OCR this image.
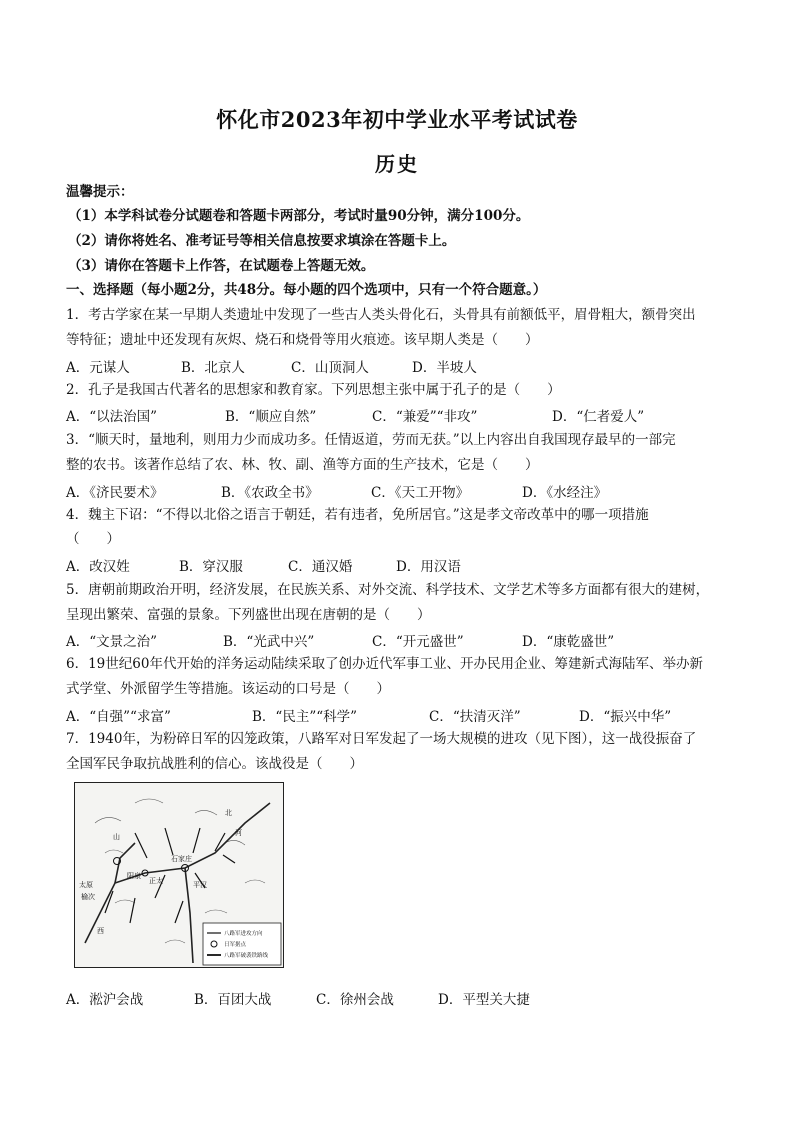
怀化市2023年初中学业水平考试试卷
历史
温馨提示：
（1）本学科试卷分试题卷和答题卡两部分，考试时量90分钟，满分100分。
（2）请你将姓名、准考证号等相关信息按要求填涂在答题卡上。
（3）请你在答题卡上作答，在试题卷上答题无效。
一、选择题（每小题2分，共48分。每小题的四个选项中，只有一个符合题意。）
1．考古学家在某一早期人类遗址中发现了一些古人类头骨化石，头骨具有前额低平，眉骨粗大，额骨突出
等特征；遗址中还发现有灰烬、烧石和烧骨等用火痕迹。该早期人类是（　　）
A．元谋人	B．北京人	C．山顶洞人	D．半坡人
2．孔子是我国古代著名的思想家和教育家。下列思想主张中属于孔子的是（　　）
A．“以法治国”	B．“顺应自然”	C．“兼爱”“非攻”	D．“仁者爱人”
3．“顺天时，量地利，则用力少而成功多。任情返道，劳而无获。”以上内容出自我国现存最早的一部完
整的农书。该著作总结了农、林、牧、副、渔等方面的生产技术，它是（　　）
A．《济民要术》	B．《农政全书》	C．《天工开物》	D．《水经注》
4．魏主下诏：“不得以北俗之语言于朝廷，若有违者，免所居官。”这是孝文帝改革中的哪一项措施
（　　）
A．改汉姓	B．穿汉服	C．通汉婚	D．用汉语
5．唐朝前期政治开明，经济发展，在民族关系、对外交流、科学技术、文学艺术等多方面都有很大的建树，
呈现出繁荣、富强的景象。下列盛世出现在唐朝的是（　　）
A．“文景之治”	B．“光武中兴”	C．“开元盛世”	D．“康乾盛世”
6．19世纪60年代开始的洋务运动陆续采取了创办近代军事工业、开办民用企业、筹建新式海陆军、举办新
式学堂、外派留学生等措施。该运动的口号是（　　）
A．“自强”“求富”	B．“民主”“科学”	C．“扶清灭洋”	D．“振兴中华”
7．1940年，为粉碎日军的囚笼政策，八路军对日军发起了一场大规模的进攻（见下图），这一战役振奋了
全国军民争取抗战胜利的信心。该战役是（　　）
石家庄
阳泉
太原
榆次
正太	平汉
山	河
北
西	八路军进攻方向
日军据点
八路军破袭铁路线
A．淞沪会战	B．百团大战	C．徐州会战	D．平型关大捷
